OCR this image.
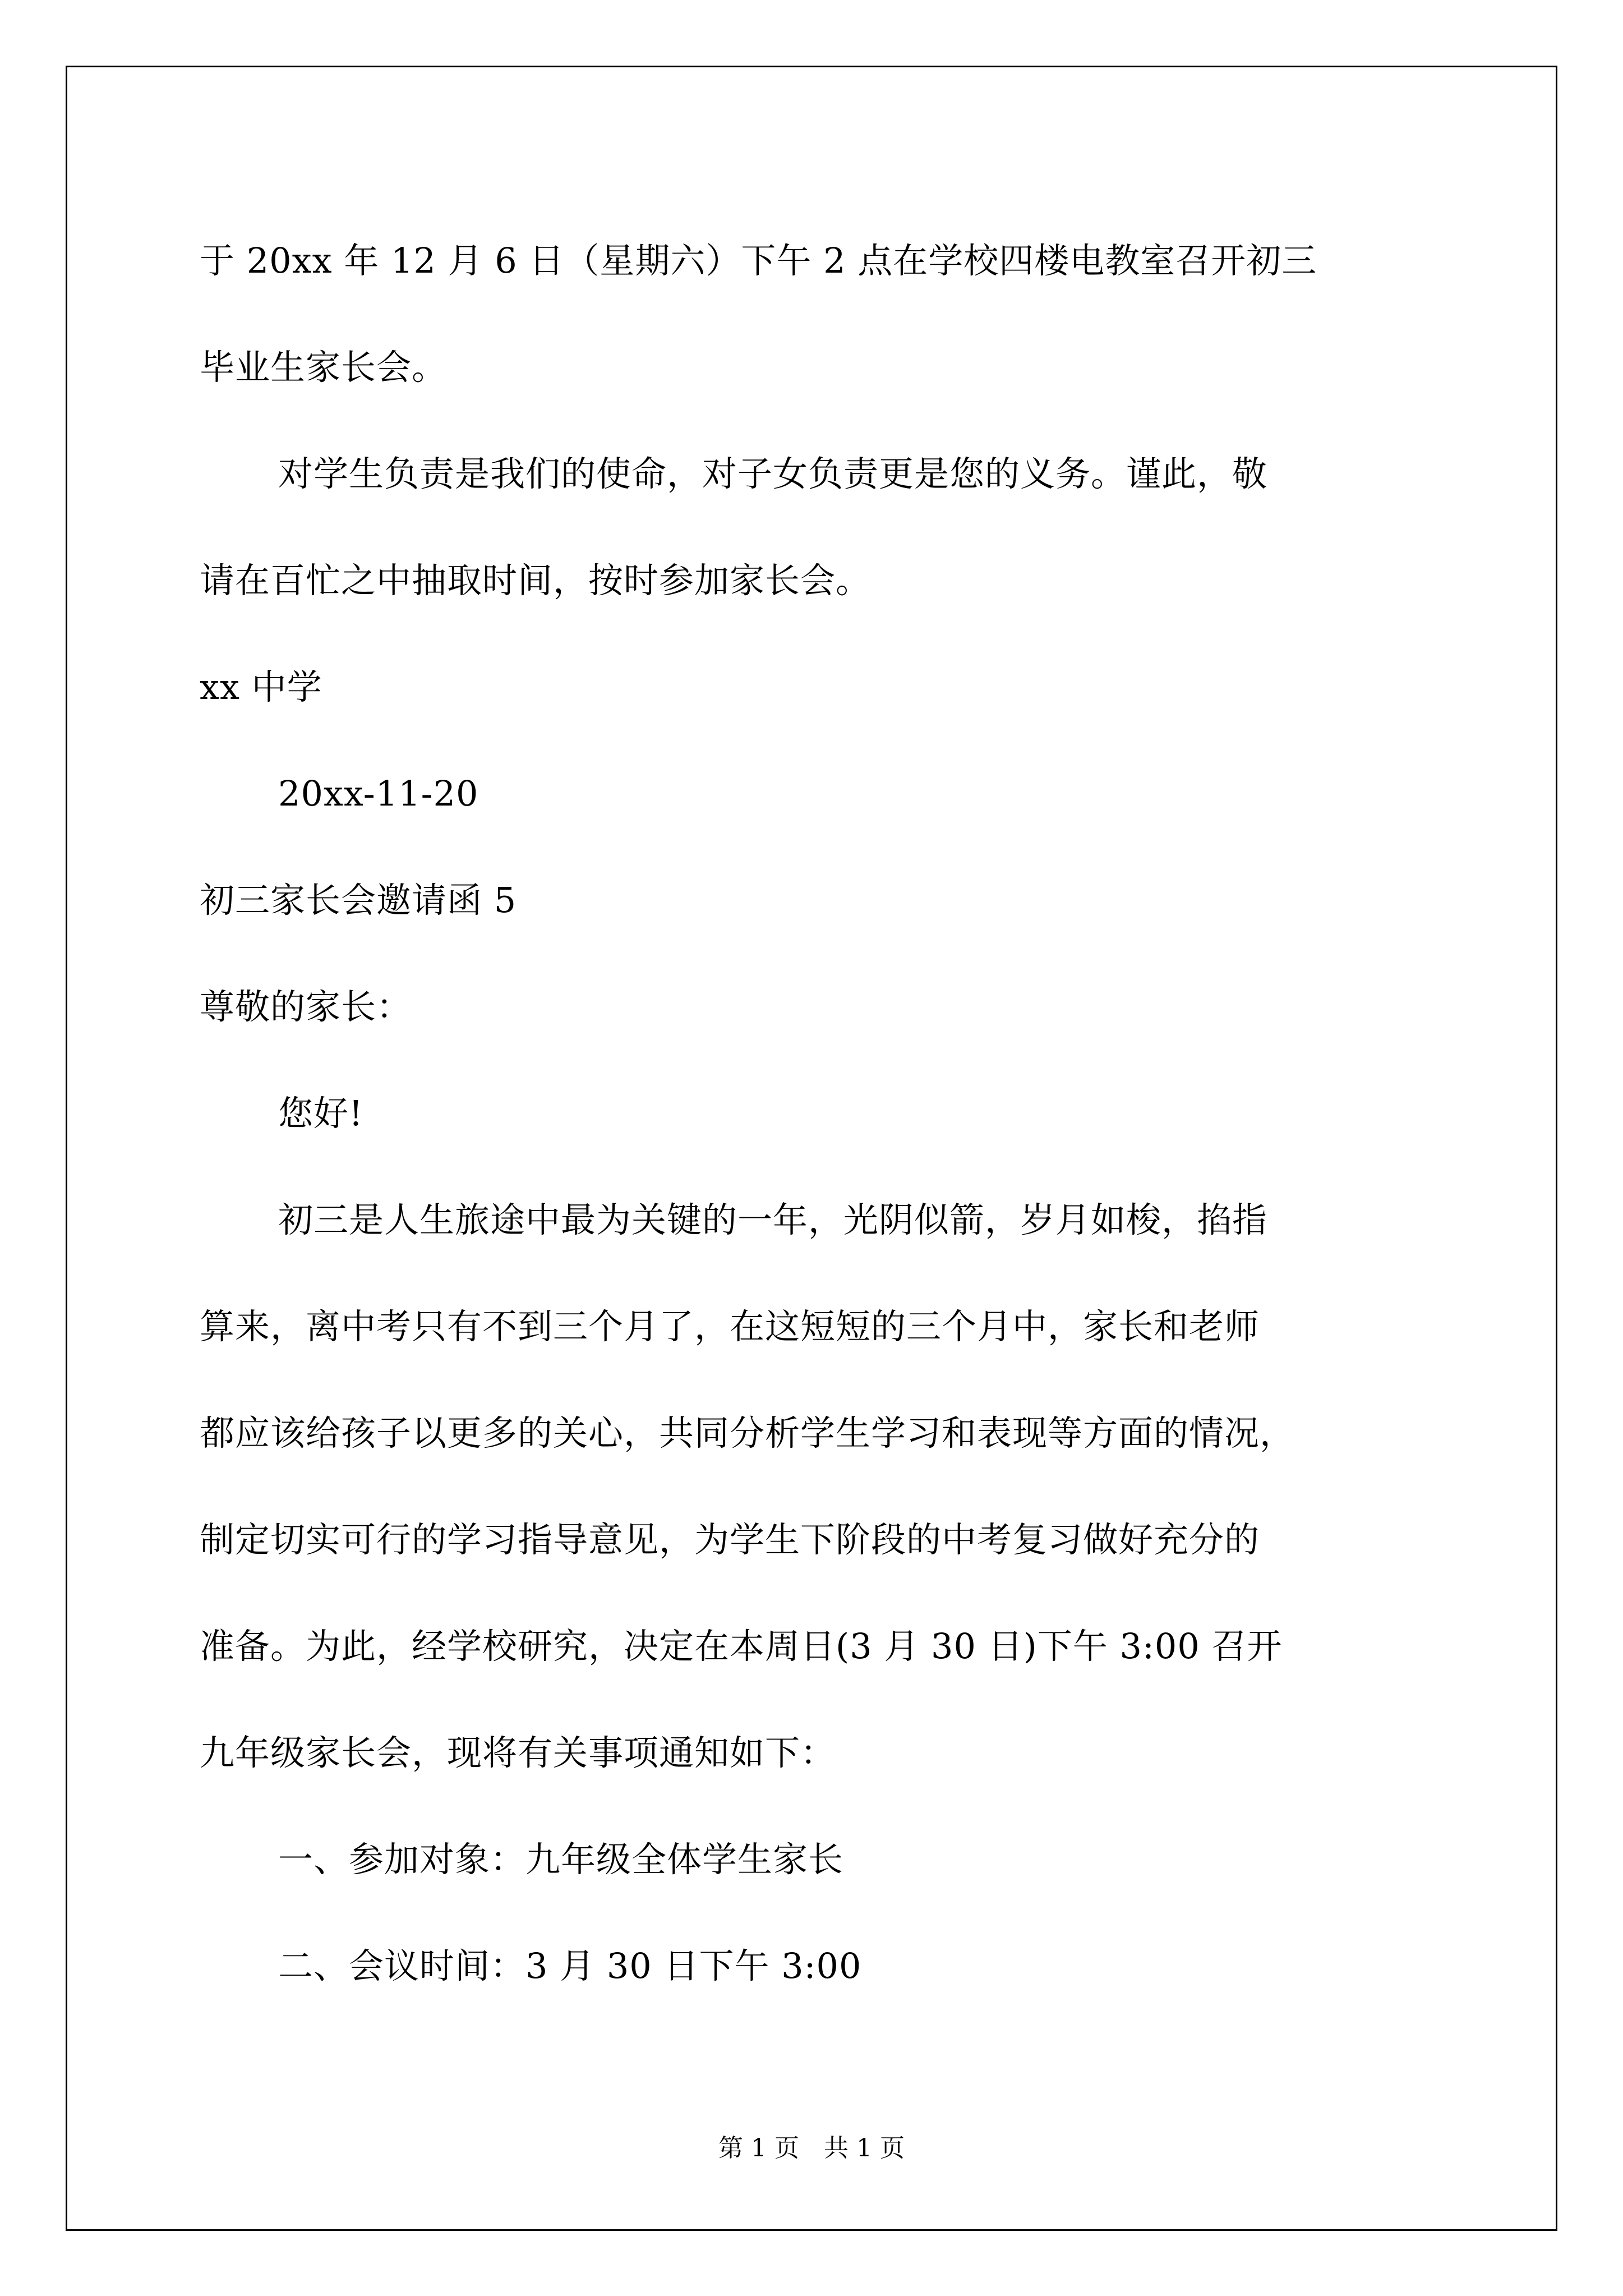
于 20xx 年 12 月 6 日（星期六）下午 2 点在学校四楼电教室召开初三
毕业生家长会。
对学生负责是我们的使命，对子女负责更是您的义务。谨此，敬
请在百忙之中抽取时间，按时参加家长会。
xx 中学
20xx-11-20
初三家长会邀请函 5
尊敬的家长：
您好!
初三是人生旅途中最为关键的一年，光阴似箭，岁月如梭，掐指
算来，离中考只有不到三个月了，在这短短的三个月中，家长和老师
都应该给孩子以更多的关心，共同分析学生学习和表现等方面的情况，
制定切实可行的学习指导意见，为学生下阶段的中考复习做好充分的
准备。为此，经学校研究，决定在本周日(3 月 30 日)下午 3:00 召开
九年级家长会，现将有关事项通知如下：
一、参加对象：九年级全体学生家长
二、会议时间：3 月 30 日下午 3:00
第 1 页 共 1 页
